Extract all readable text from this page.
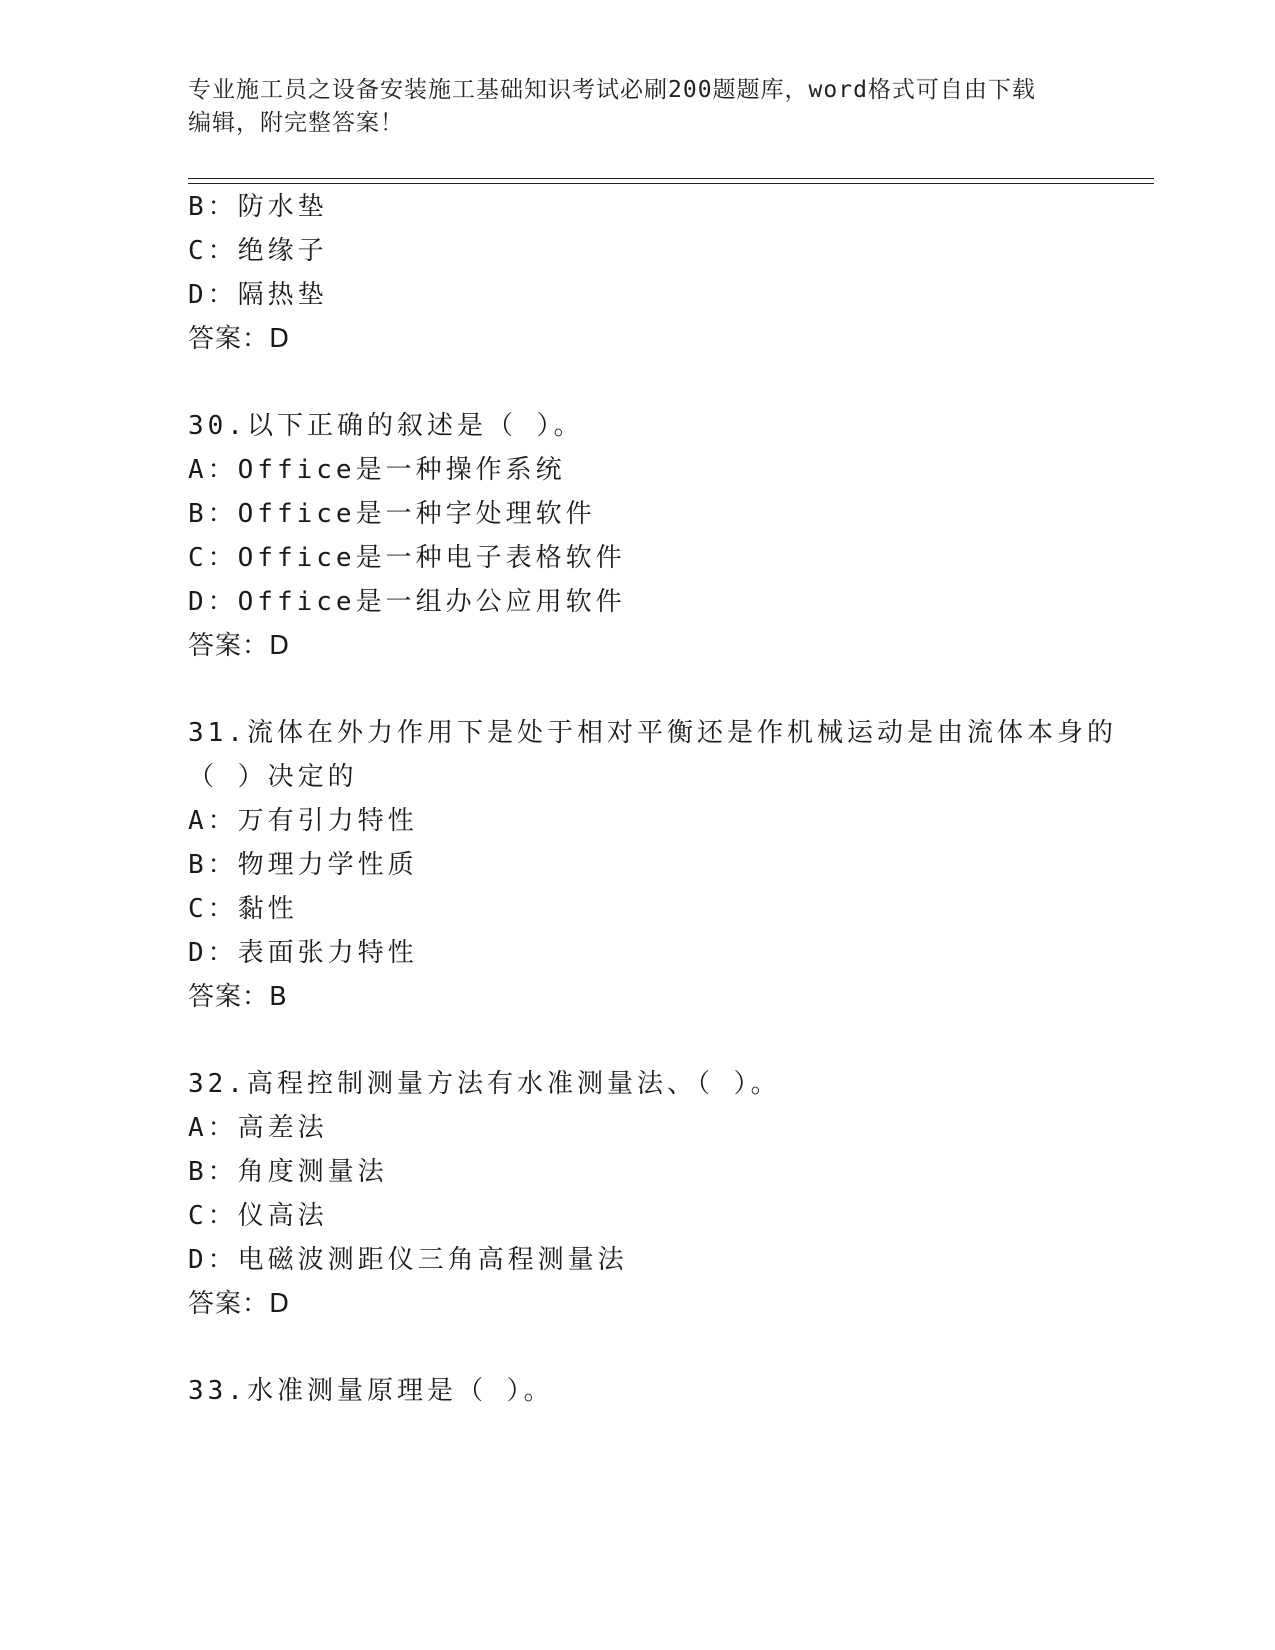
专业施工员之设备安装施工基础知识考试必刷200题题库，word格式可自由下载
编辑，附完整答案！
B：防水垫
C：绝缘子
D：隔热垫
答案：D
30.以下正确的叙述是（ ）。
A：Office是一种操作系统
B：Office是一种字处理软件
C：Office是一种电子表格软件
D：Office是一组办公应用软件
答案：D
31.流体在外力作用下是处于相对平衡还是作机械运动是由流体本身的
（ ）决定的
A：万有引力特性
B：物理力学性质
C：黏性
D：表面张力特性
答案：B
32.高程控制测量方法有水准测量法、（ ）。
A：高差法
B：角度测量法
C：仪高法
D：电磁波测距仪三角高程测量法
答案：D
33.水准测量原理是（ ）。
